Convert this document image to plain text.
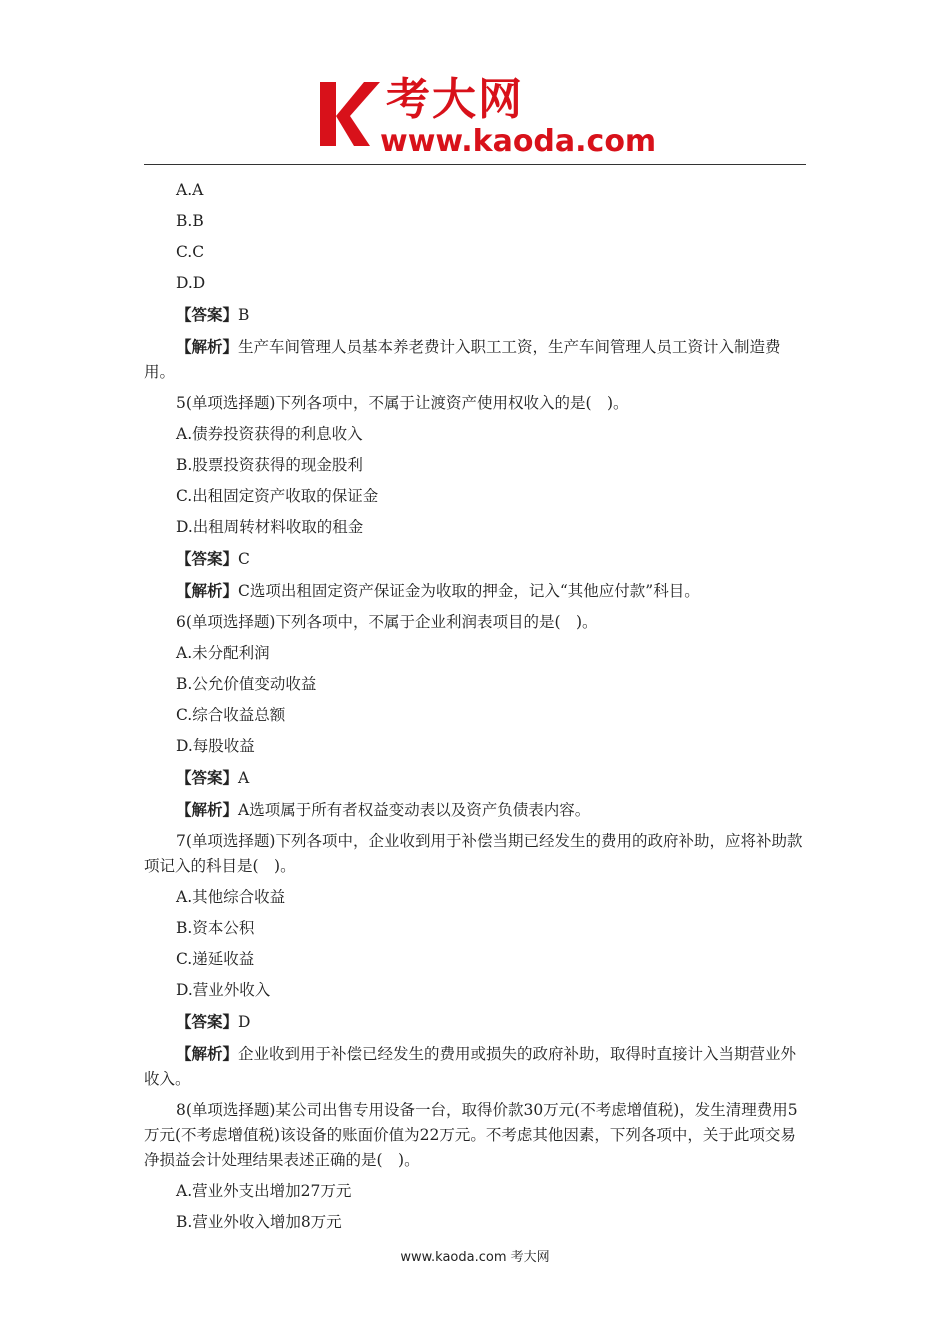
考大网
www.kaoda.com

A.A

B.B

C.C

D.D

【答案】B

【解析】生产车间管理人员基本养老费计入职工工资，生产车间管理人员工资计入制造费用。

5(单项选择题)下列各项中，不属于让渡资产使用权收入的是(　)。

A.债券投资获得的利息收入

B.股票投资获得的现金股利

C.出租固定资产收取的保证金

D.出租周转材料收取的租金

【答案】C

【解析】C选项出租固定资产保证金为收取的押金，记入“其他应付款”科目。

6(单项选择题)下列各项中，不属于企业利润表项目的是(　)。

A.未分配利润

B.公允价值变动收益

C.综合收益总额

D.每股收益

【答案】A

【解析】A选项属于所有者权益变动表以及资产负债表内容。

7(单项选择题)下列各项中，企业收到用于补偿当期已经发生的费用的政府补助，应将补助款项记入的科目是(　)。

A.其他综合收益

B.资本公积

C.递延收益

D.营业外收入

【答案】D

【解析】企业收到用于补偿已经发生的费用或损失的政府补助，取得时直接计入当期营业外收入。

8(单项选择题)某公司出售专用设备一台，取得价款30万元(不考虑增值税)，发生清理费用5万元(不考虑增值税)该设备的账面价值为22万元。不考虑其他因素，下列各项中，关于此项交易净损益会计处理结果表述正确的是(　)。

A.营业外支出增加27万元

B.营业外收入增加8万元

www.kaoda.com 考大网
